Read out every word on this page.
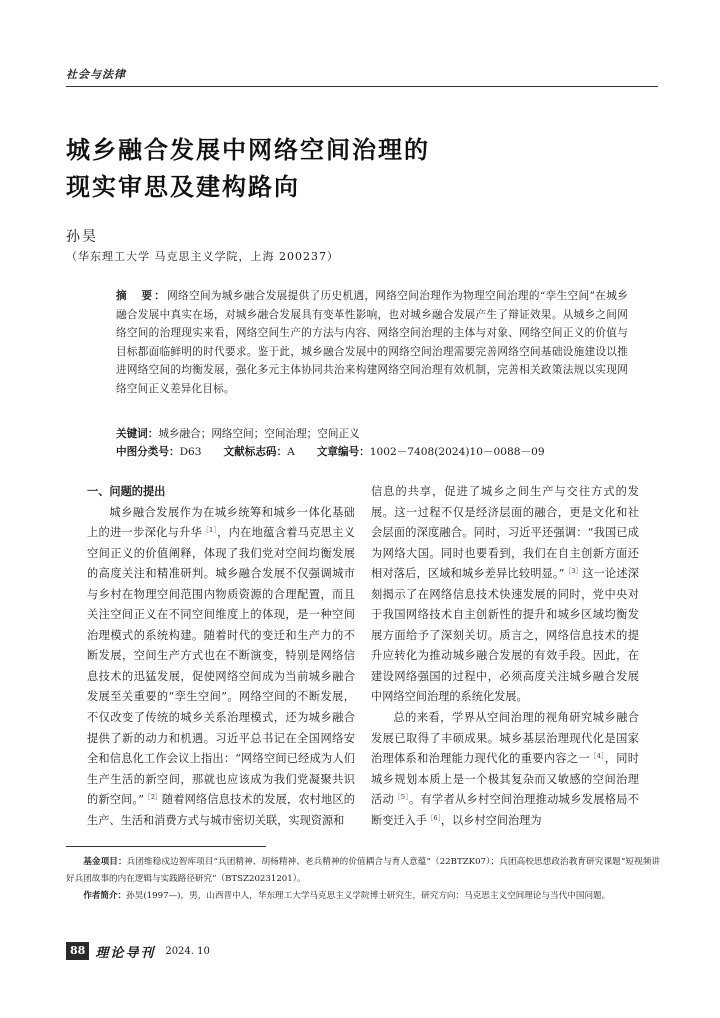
社会与法律
城乡融合发展中网络空间治理的
现实审思及建构路向
孙昊
（华东理工大学 马克思主义学院，上海 200237）
摘　要：网络空间为城乡融合发展提供了历史机遇，网络空间治理作为物理空间治理的“孪生空间”在城乡融合发展中真实在场，对城乡融合发展具有变革性影响，也对城乡融合发展产生了辩证效果。从城乡之间网络空间的治理现实来看，网络空间生产的方法与内容、网络空间治理的主体与对象、网络空间正义的价值与目标都面临鲜明的时代要求。鉴于此，城乡融合发展中的网络空间治理需要完善网络空间基础设施建设以推进网络空间的均衡发展，强化多元主体协同共治来构建网络空间治理有效机制，完善相关政策法规以实现网络空间正义差异化目标。
关键词：城乡融合；网络空间；空间治理；空间正义
中图分类号：D63 文献标志码：A 文章编号：1002－7408(2024)10－0088－09

一、问题的提出

城乡融合发展作为在城乡统筹和城乡一体化基础上的进一步深化与升华$^{[1]}$，内在地蕴含着马克思主义空间正义的价值阐释，体现了我们党对空间均衡发展的高度关注和精准研判。城乡融合发展不仅强调城市与乡村在物理空间范围内物质资源的合理配置，而且关注空间正义在不同空间维度上的体现，是一种空间治理模式的系统构建。随着时代的变迁和生产力的不断发展，空间生产方式也在不断演变，特别是网络信息技术的迅猛发展，促使网络空间成为当前城乡融合发展至关重要的“孪生空间”。网络空间的不断发展，不仅改变了传统的城乡关系治理模式，还为城乡融合提供了新的动力和机遇。习近平总书记在全国网络安全和信息化工作会议上指出：“网络空间已经成为人们生产生活的新空间，那就也应该成为我们党凝聚共识的新空间。”$^{[2]}$随着网络信息技术的发展，农村地区的生产、生活和消费方式与城市密切关联，实现资源和

信息的共享，促进了城乡之间生产与交往方式的发展。这一过程不仅是经济层面的融合，更是文化和社会层面的深度融合。同时，习近平还强调：“我国已成为网络大国。同时也要看到，我们在自主创新方面还相对落后，区域和城乡差异比较明显。”$^{[3]}$这一论述深刻揭示了在网络信息技术快速发展的同时，党中央对于我国网络技术自主创新性的提升和城乡区域均衡发展方面给予了深刻关切。质言之，网络信息技术的提升应转化为推动城乡融合发展的有效手段。因此，在建设网络强国的过程中，必须高度关注城乡融合发展中网络空间治理的系统化发展。

总的来看，学界从空间治理的视角研究城乡融合发展已取得了丰硕成果。城乡基层治理现代化是国家治理体系和治理能力现代化的重要内容之一$^{[4]}$，同时城乡规划本质上是一个极其复杂而又敏感的空间治理活动$^{[5]}$。有学者从乡村空间治理推动城乡发展格局不断变迁入手$^{[6]}$，以乡村空间治理为

基金项目：兵团维稳戍边智库项目“兵团精神、胡杨精神、老兵精神的价值耦合与育人意蕴”（22BTZK07）；兵团高校思想政治教育研究课题“短视频讲好兵团故事的内在逻辑与实践路径研究”（BTSZ20231201）。

作者简介：孙昊(1997—)，男，山西晋中人，华东理工大学马克思主义学院博士研究生，研究方向：马克思主义空间理论与当代中国问题。

88 理论导刊 2024. 10
